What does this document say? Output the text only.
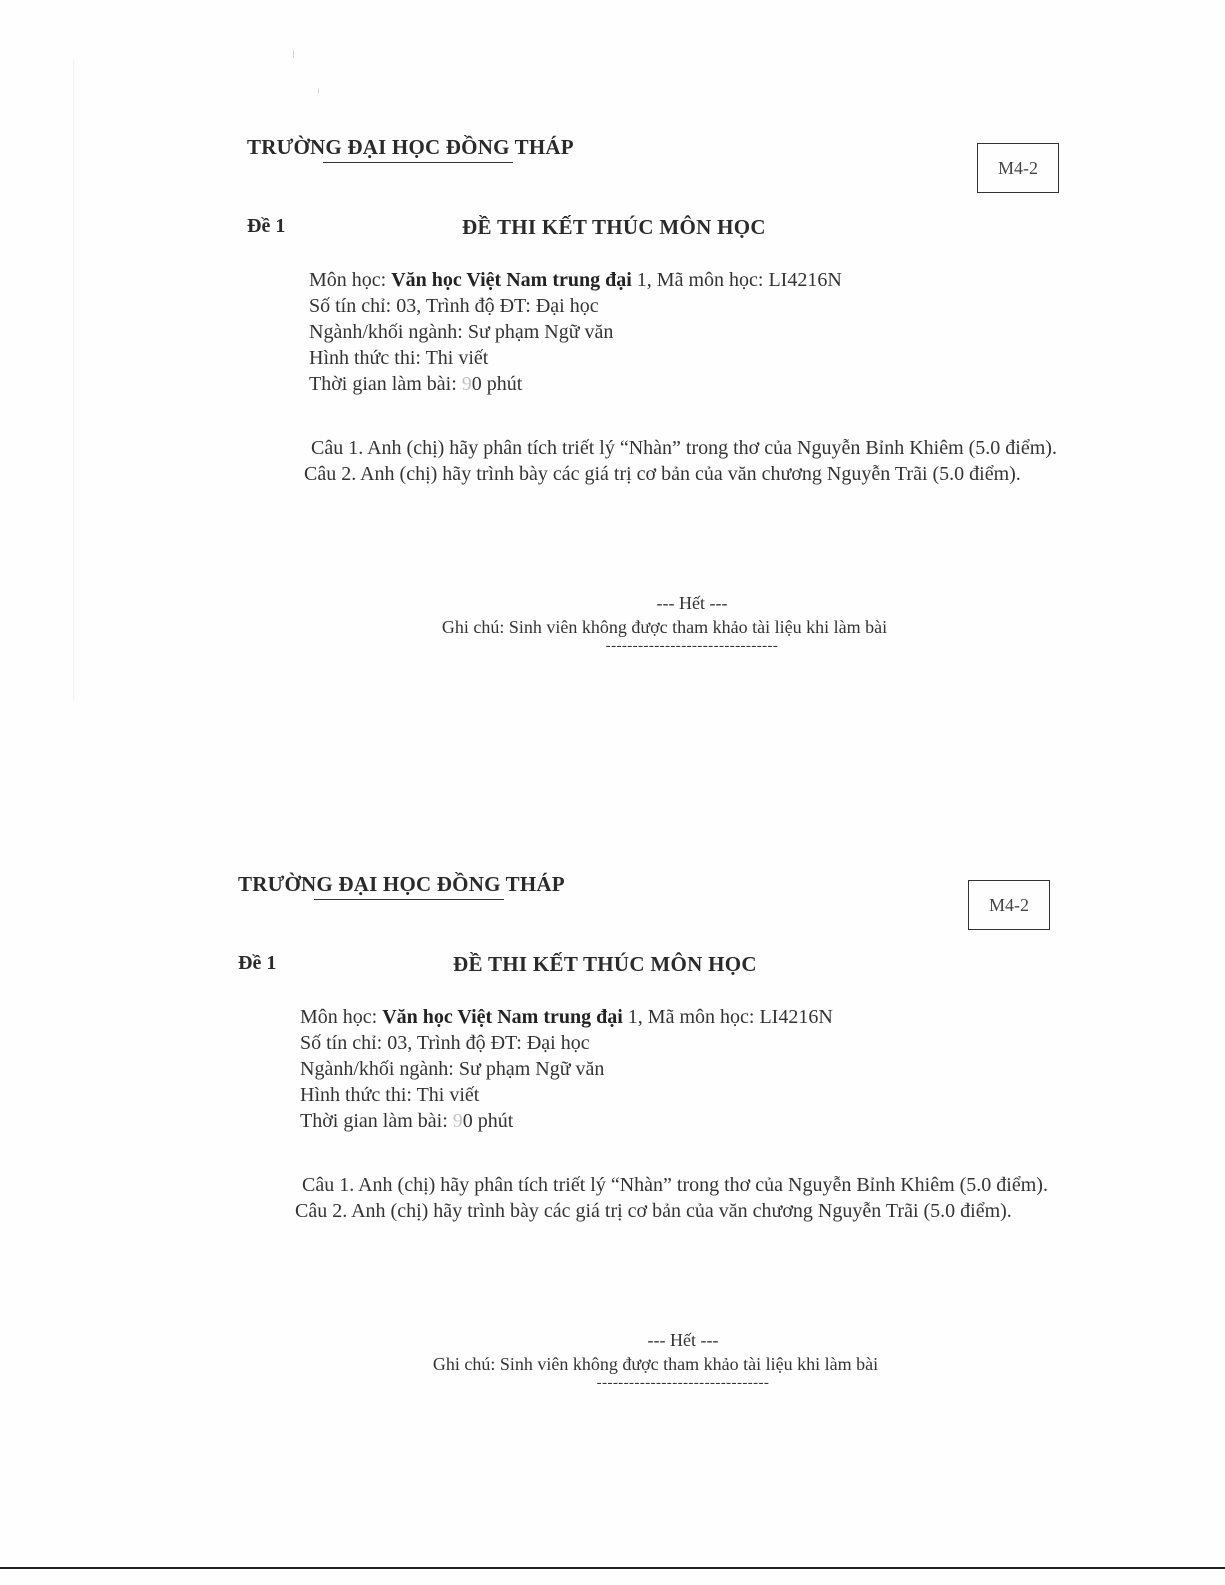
TRƯỜNG ĐẠI HỌC ĐỒNG THÁP
M4-2
Đề 1	ĐỀ THI KẾT THÚC MÔN HỌC
Môn học: Văn học Việt Nam trung đại 1, Mã môn học: LI4216N
Số tín chỉ: 03, Trình độ ĐT: Đại học
Ngành/khối ngành: Sư phạm Ngữ văn
Hình thức thi: Thi viết
Thời gian làm bài: 90 phút

Câu 1. Anh (chị) hãy phân tích triết lý “Nhàn” trong thơ của Nguyễn Bỉnh Khiêm (5.0 điểm).

Câu 2. Anh (chị) hãy trình bày các giá trị cơ bản của văn chương Nguyễn Trãi (5.0 điểm).

--- Hết ---
Ghi chú: Sinh viên không được tham khảo tài liệu khi làm bài
--------------------------------
TRƯỜNG ĐẠI HỌC ĐỒNG THÁP
M4-2
Đề 1	ĐỀ THI KẾT THÚC MÔN HỌC
Môn học: Văn học Việt Nam trung đại 1, Mã môn học: LI4216N
Số tín chỉ: 03, Trình độ ĐT: Đại học
Ngành/khối ngành: Sư phạm Ngữ văn
Hình thức thi: Thi viết
Thời gian làm bài: 90 phút

Câu 1. Anh (chị) hãy phân tích triết lý “Nhàn” trong thơ của Nguyễn Bỉnh Khiêm (5.0 điểm).

Câu 2. Anh (chị) hãy trình bày các giá trị cơ bản của văn chương Nguyễn Trãi (5.0 điểm).

--- Hết ---
Ghi chú: Sinh viên không được tham khảo tài liệu khi làm bài
--------------------------------
